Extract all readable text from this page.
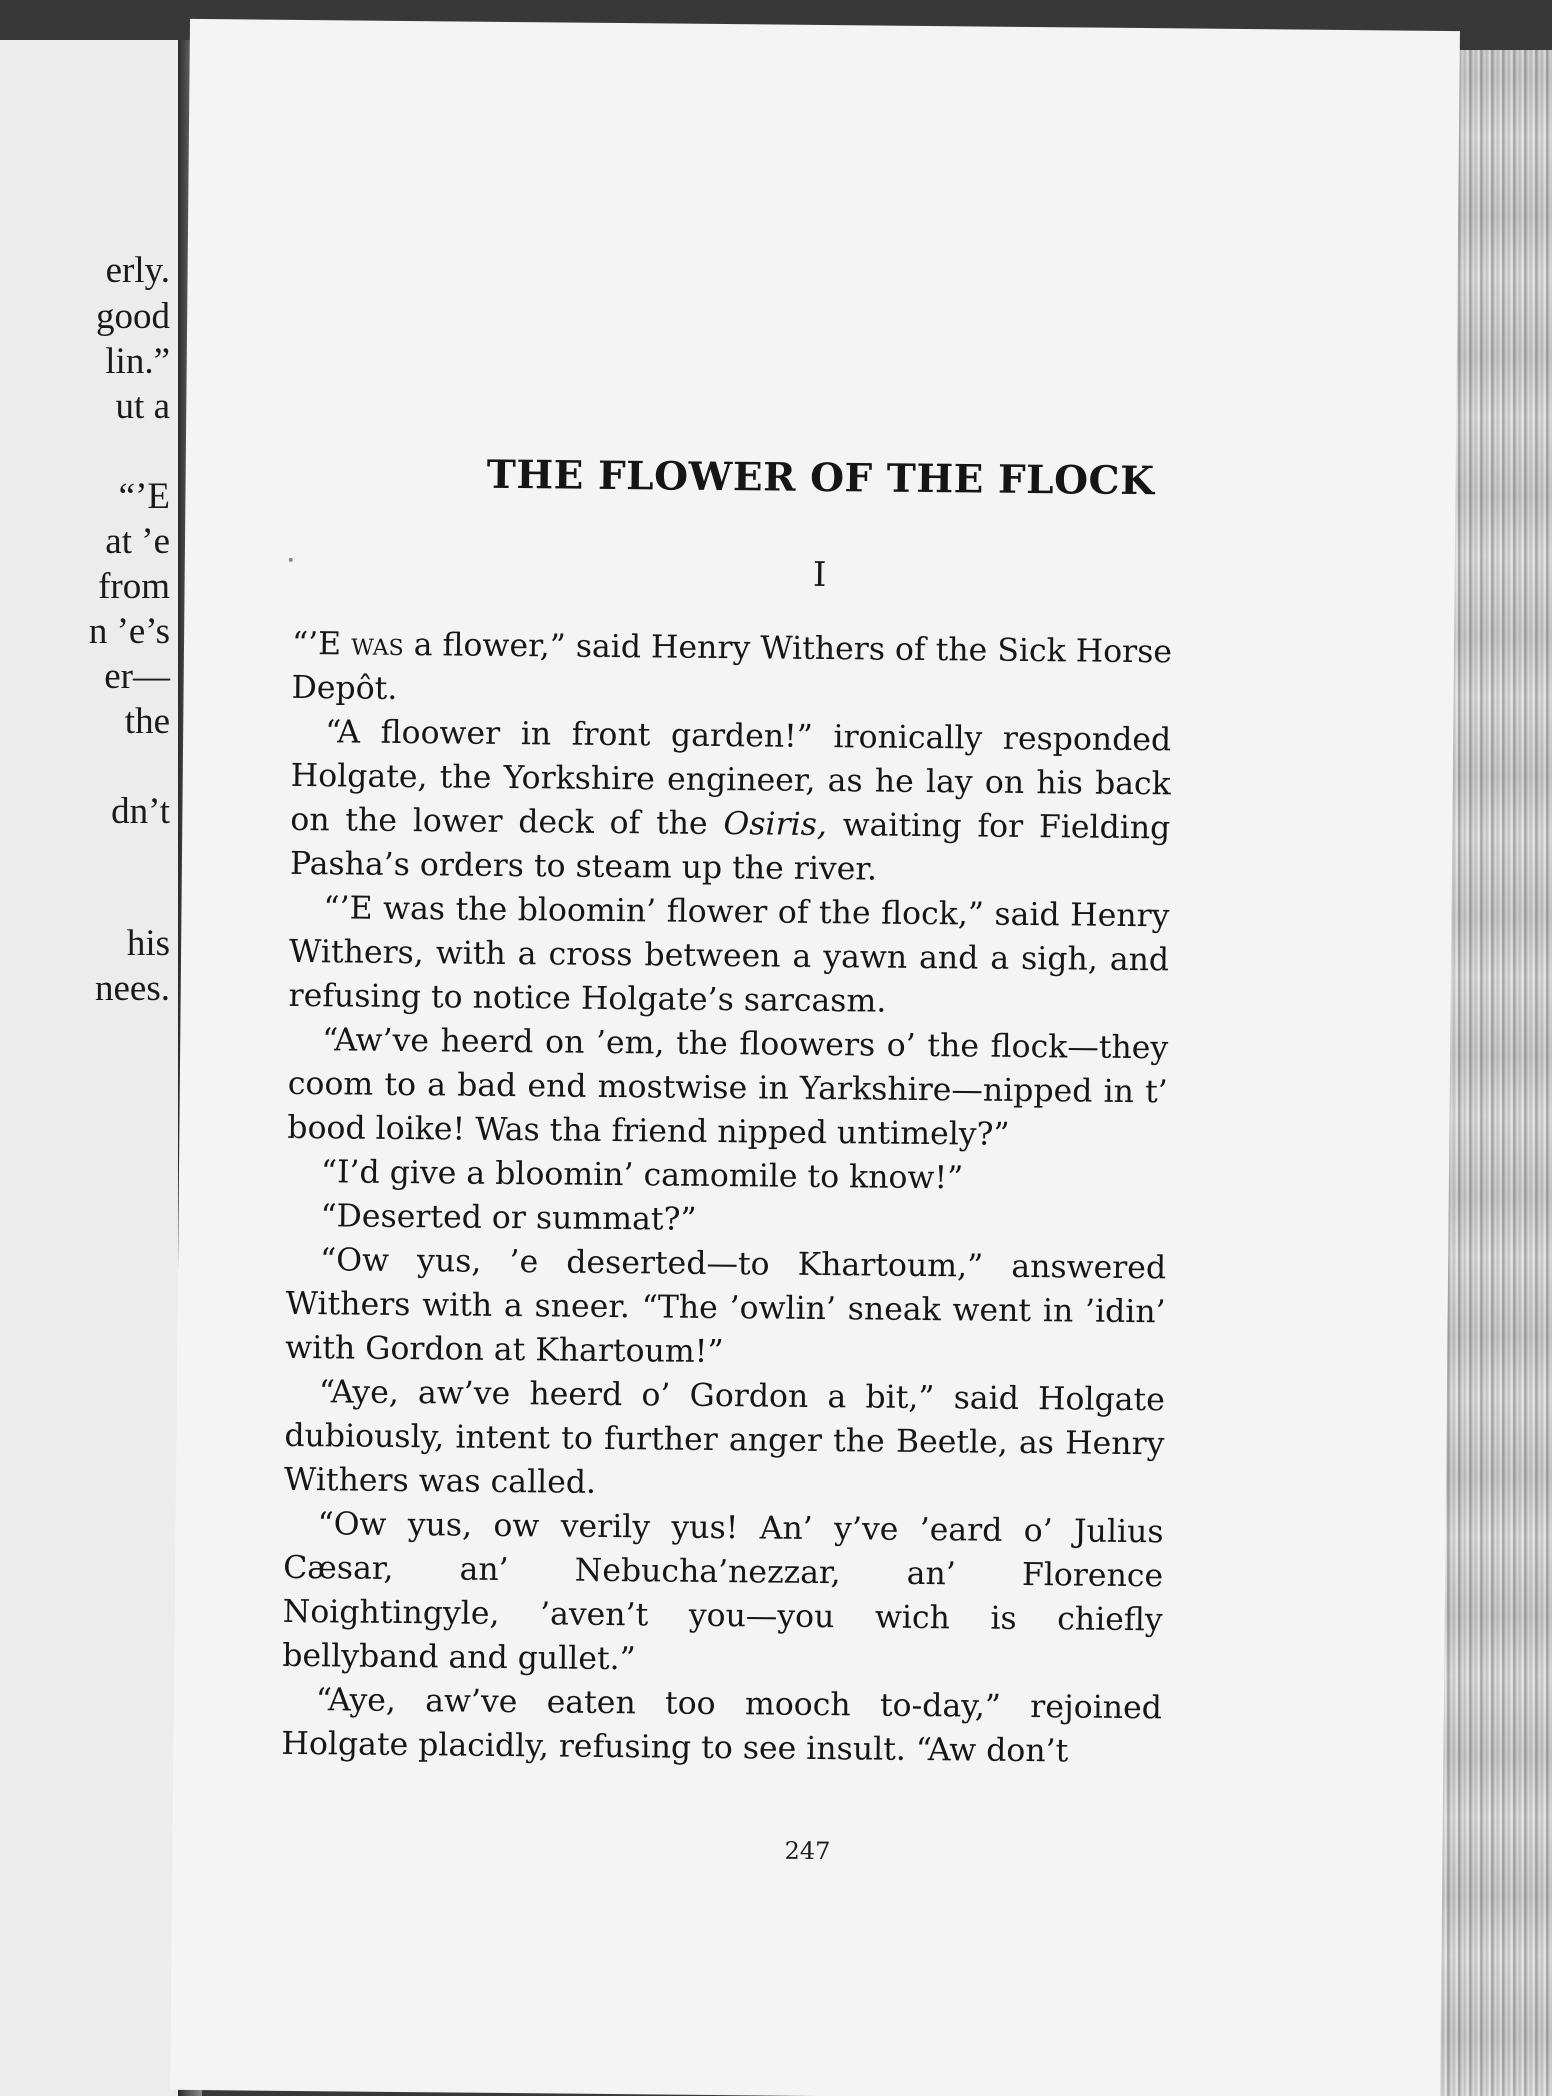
erly.
good
lin.”
ut a
“’E
at ’e
from
n ’e’s
er—
the
dn’t
his
nees.
THE FLOWER OF THE FLOCK
I

“’E was a flower,” said Henry Withers of the Sick Horse Depôt.

“A floower in front garden!” ironically responded Holgate, the Yorkshire engineer, as he lay on his back on the lower deck of the Osiris, waiting for Fielding Pasha’s orders to steam up the river.

“’E was the bloomin’ flower of the flock,” said Henry Withers, with a cross between a yawn and a sigh, and refusing to notice Holgate’s sarcasm.

“Aw’ve heerd on ’em, the floowers o’ the flock—they coom to a bad end mostwise in Yarkshire—nipped in t’ bood loike! Was tha friend nipped untimely?”

“I’d give a bloomin’ camomile to know!”

“Deserted or summat?”

“Ow yus, ’e deserted—to Khartoum,” answered Withers with a sneer. “The ’owlin’ sneak went in ’idin’ with Gordon at Khartoum!”

“Aye, aw’ve heerd o’ Gordon a bit,” said Holgate dubiously, intent to further anger the Beetle, as Henry Withers was called.

“Ow yus, ow verily yus! An’ y’ve ’eard o’ Julius Cæsar, an’ Nebucha’nezzar, an’ Florence Noightingyle, ’aven’t you—you wich is chiefly bellyband and gullet.”

“Aye, aw’ve eaten too mooch to-day,” rejoined Holgate placidly, refusing to see insult. “Aw don’t

247
